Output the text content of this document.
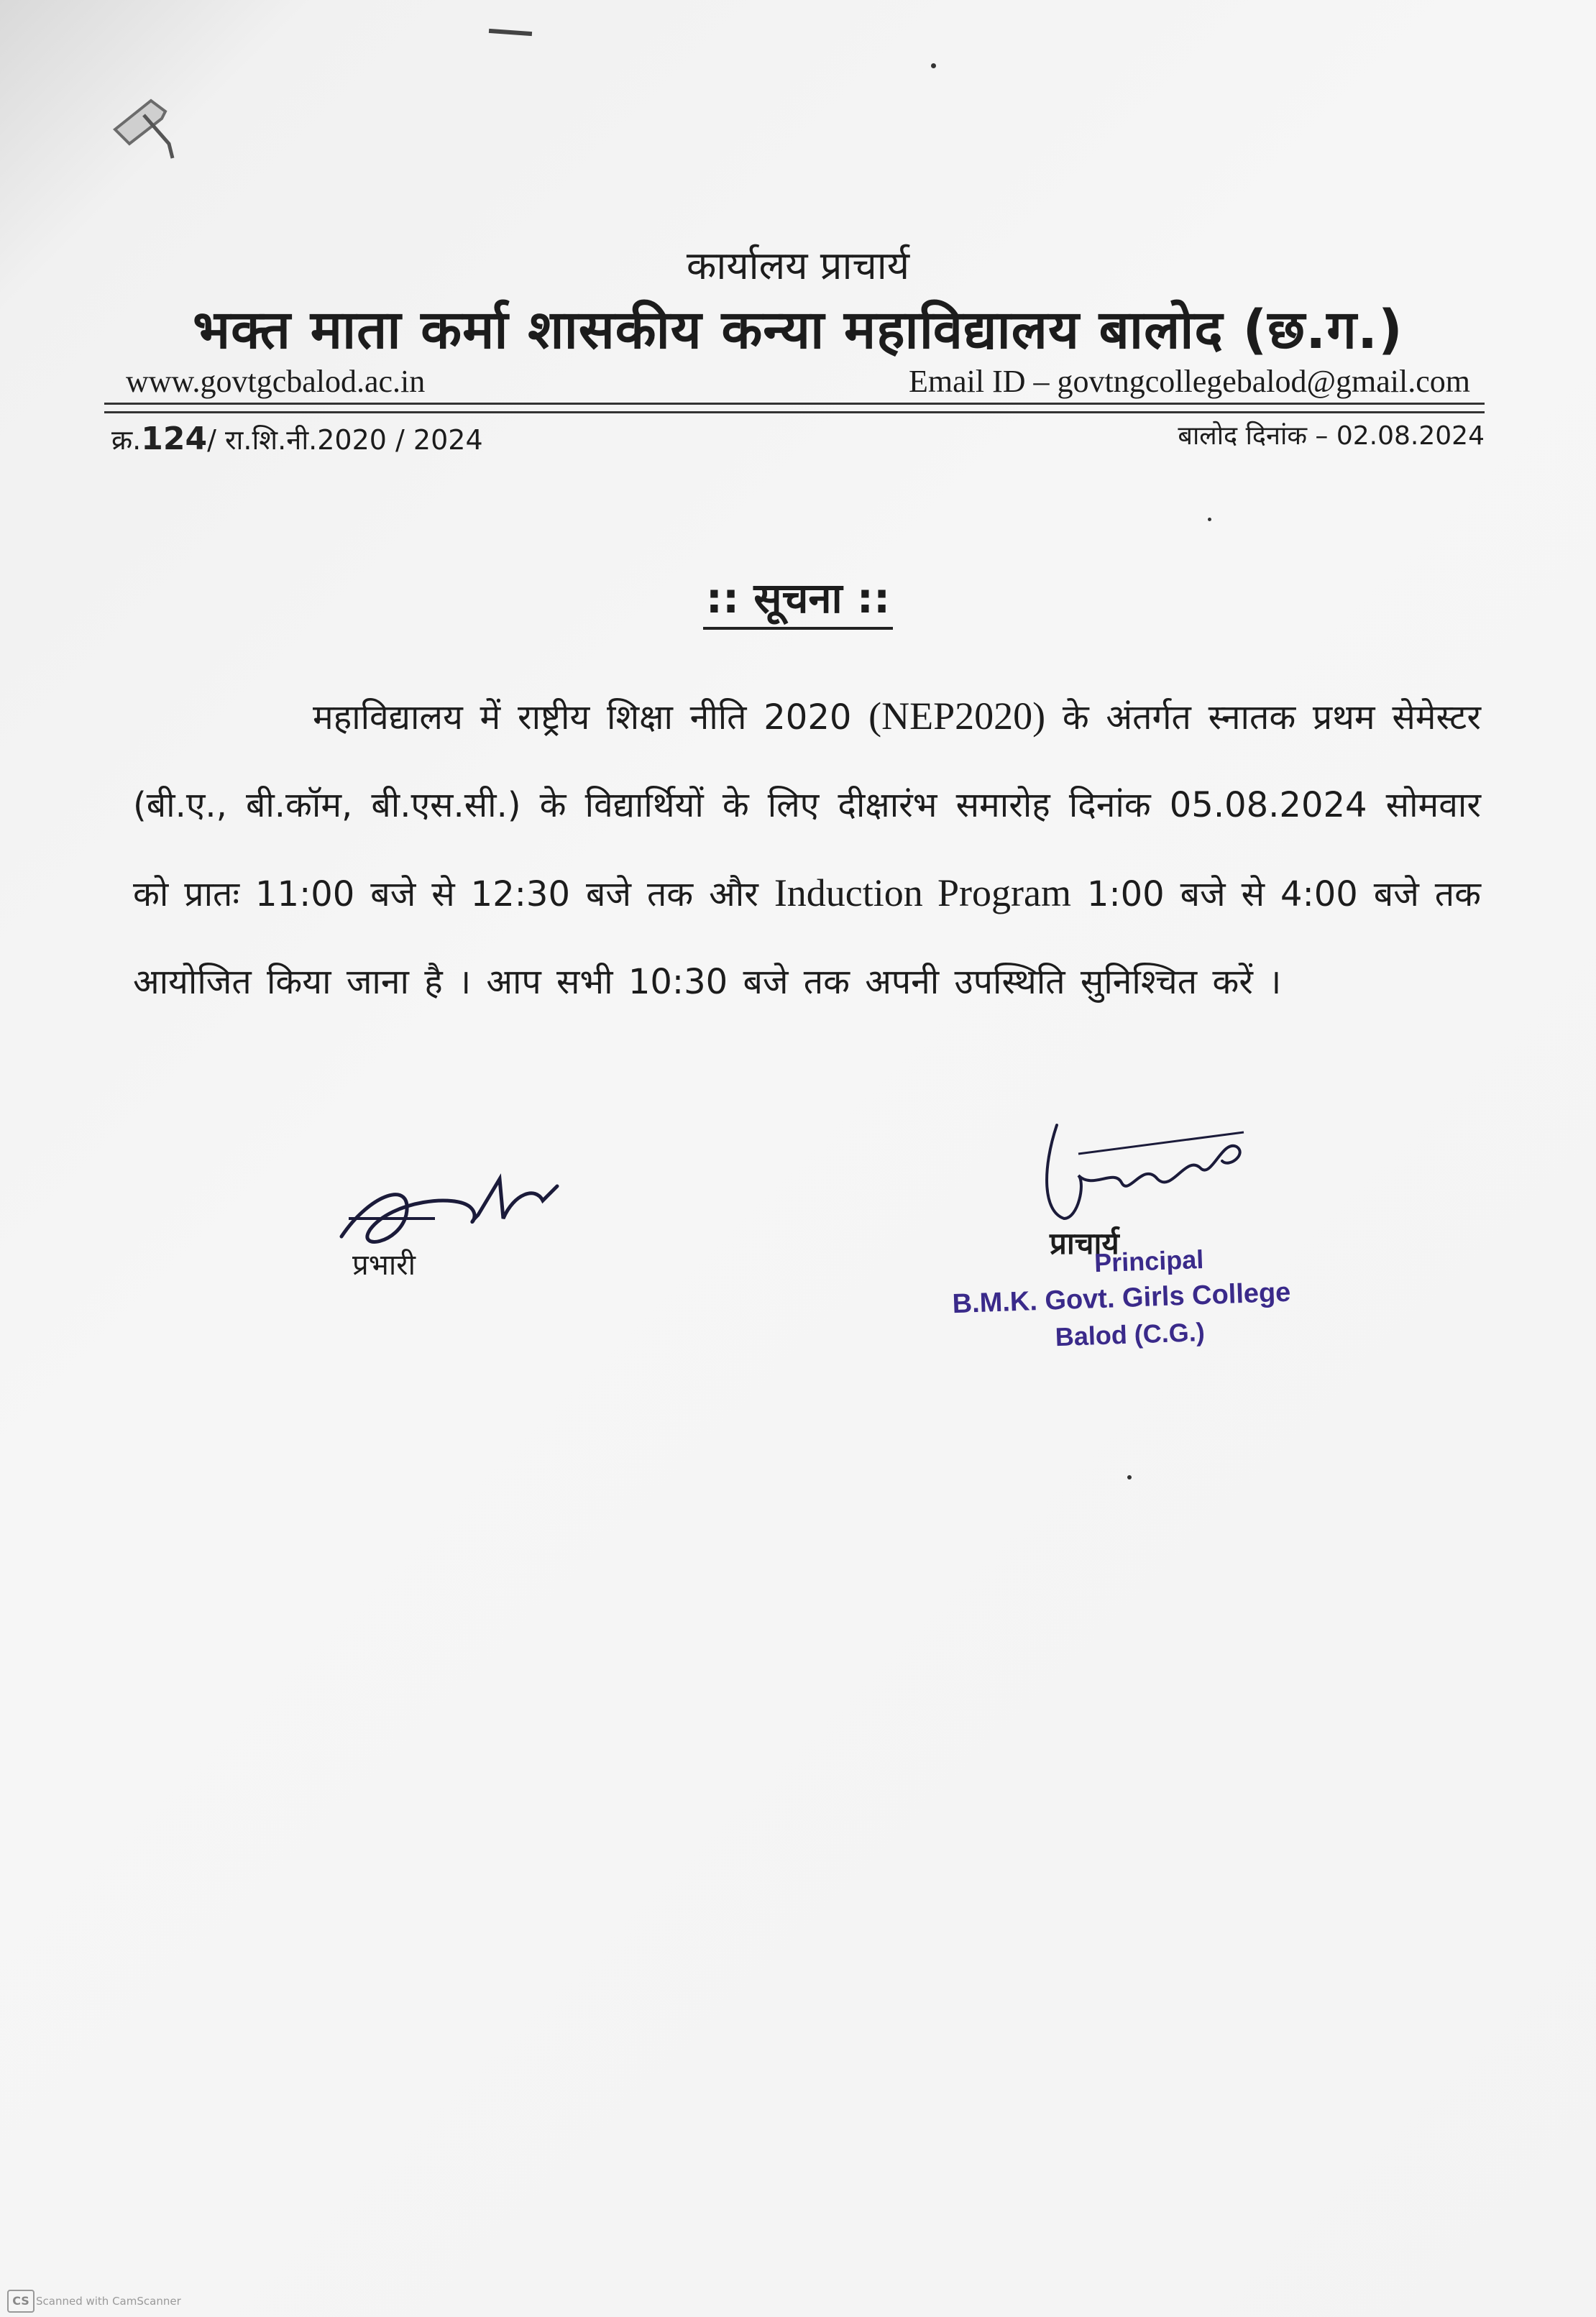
कार्यालय प्राचार्य
भक्त माता कर्मा शासकीय कन्या महाविद्यालय बालोद (छ.ग.)
www.govtgcbalod.ac.in	Email ID – govtngcollegebalod@gmail.com
क्र.124/ रा.शि.नी.2020 / 2024	बालोद दिनांक – 02.08.2024
:: सूचना ::
महाविद्यालय में राष्ट्रीय शिक्षा नीति 2020 (NEP2020) के अंतर्गत स्नातक प्रथम सेमेस्टर (बी.ए., बी.कॉम, बी.एस.सी.) के विद्यार्थियों के लिए दीक्षारंभ समारोह दिनांक 05.08.2024 सोमवार को प्रातः 11:00 बजे से 12:30 बजे तक और Induction Program 1:00 बजे से 4:00 बजे तक आयोजित किया जाना है । आप सभी 10:30 बजे तक अपनी उपस्थिति सुनिश्चित करें ।
प्रभारी
प्राचार्य
Principal
B.M.K. Govt. Girls College
Balod (C.G.)
CS Scanned with CamScanner
